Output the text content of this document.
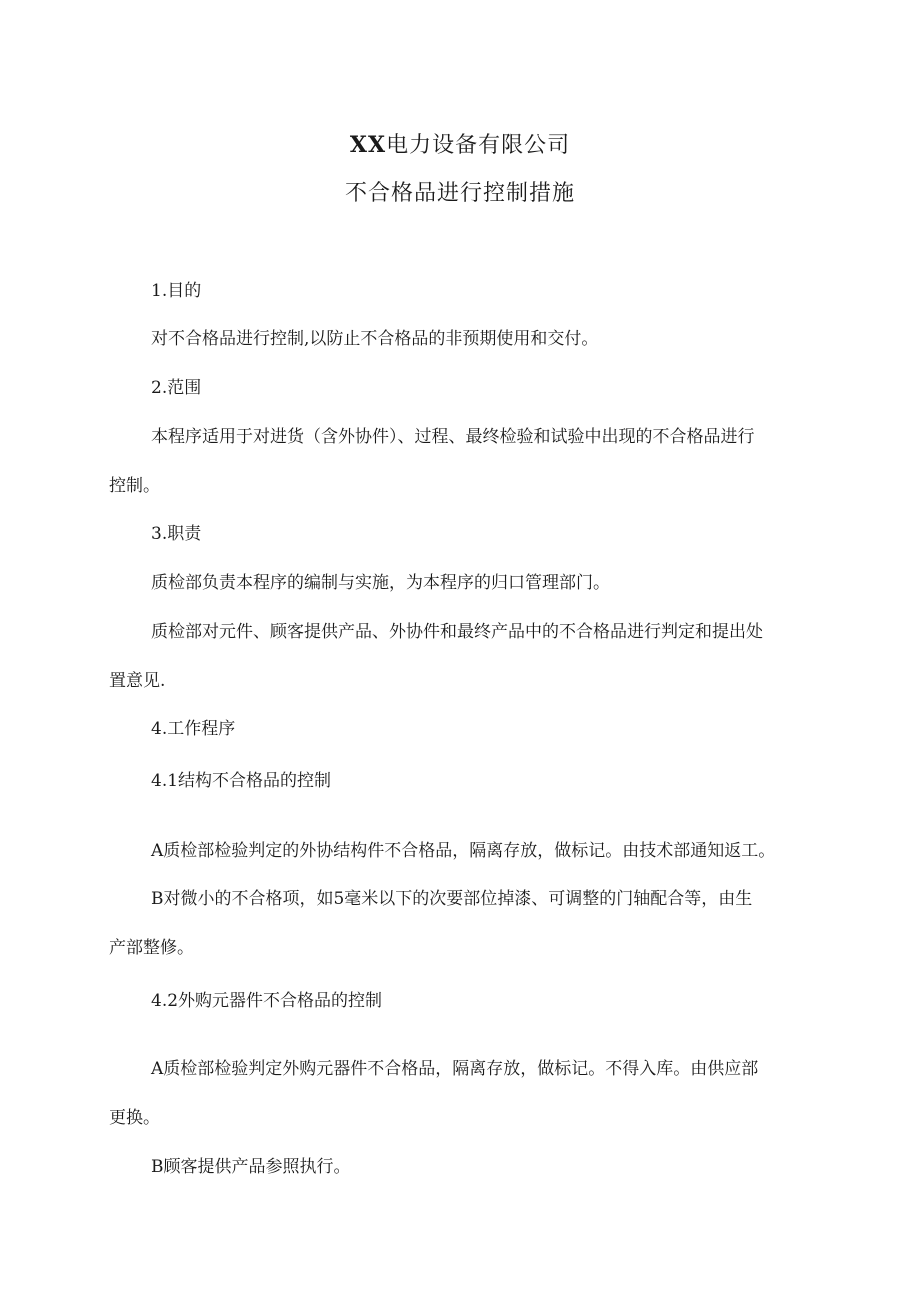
XX电力设备有限公司
不合格品进行控制措施

1.目的

对不合格品进行控制,以防止不合格品的非预期使用和交付。

2.范围

本程序适用于对进货（含外协件）、过程、最终检验和试验中出现的不合格品进行

控制。

3.职责

质检部负责本程序的编制与实施，为本程序的归口管理部门。

质检部对元件、顾客提供产品、外协件和最终产品中的不合格品进行判定和提出处

置意见.

4.工作程序

4.1结构不合格品的控制

A质检部检验判定的外协结构件不合格品，隔离存放，做标记。由技术部通知返工。

B对微小的不合格项，如5毫米以下的次要部位掉漆、可调整的门轴配合等，由生

产部整修。

4.2外购元器件不合格品的控制

A质检部检验判定外购元器件不合格品，隔离存放，做标记。不得入库。由供应部

更换。

B顾客提供产品参照执行。
